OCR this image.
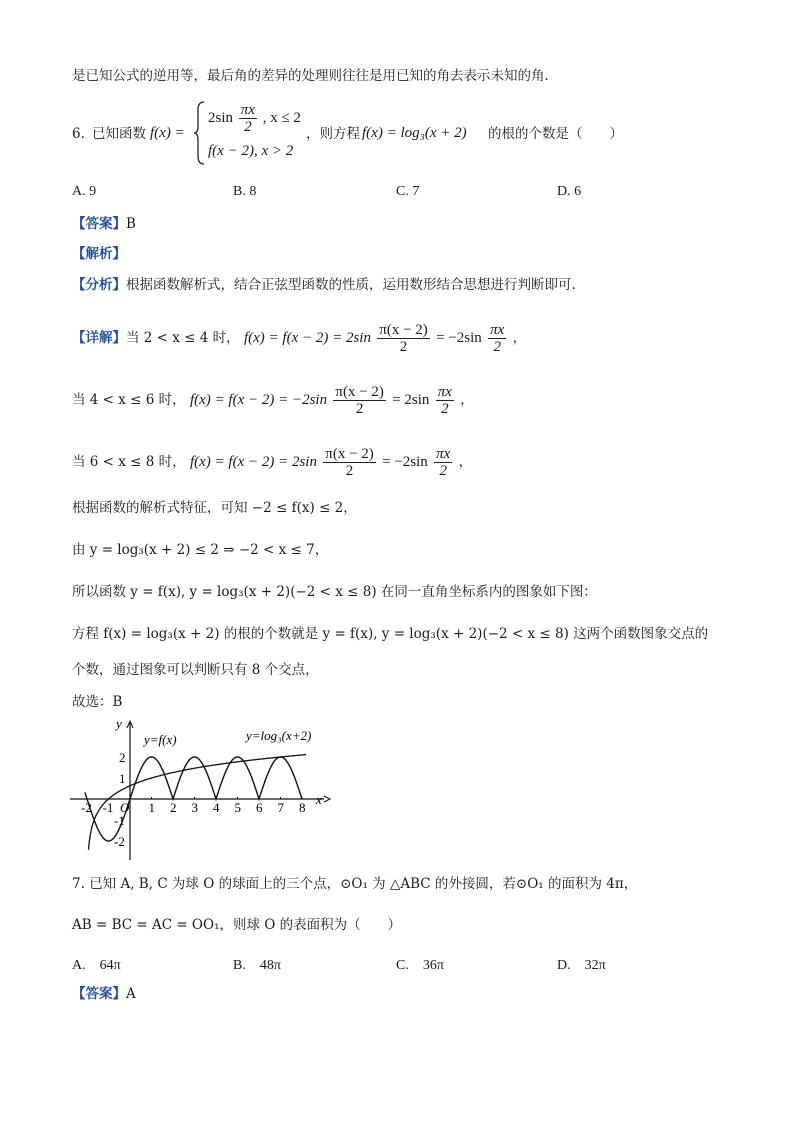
是已知公式的逆用等，最后角的差异的处理则往往是用已知的角去表示未知的角.
6. 已知函数 f(x) =
$2\sin \frac{\pi x}{2}$ , x ≤ 2
f(x − 2), x > 2
，则方程 f(x) = log₃(x + 2) 的根的个数是（　　）
A. 9	B. 8	C. 7	D. 6
【答案】B
【解析】
【分析】根据函数解析式，结合正弦型函数的性质，运用数形结合思想进行判断即可.
【详解】当 2 < x ≤ 4 时， $f(x) = f(x - 2) = 2\sin \frac{\pi(x - 2)}{2} = -2\sin \frac{\pi x}{2}$ ，
当 4 < x ≤ 6 时， $f(x) = f(x - 2) = -2\sin \frac{\pi(x - 2)}{2} = 2\sin \frac{\pi x}{2}$ ，
当 6 < x ≤ 8 时， $f(x) = f(x - 2) = 2\sin \frac{\pi(x - 2)}{2} = -2\sin \frac{\pi x}{2}$ ，
根据函数的解析式特征，可知 −2 ≤ f(x) ≤ 2，
由 y = log₃(x + 2) ≤ 2 ⇒ −2 < x ≤ 7，
所以函数 y = f(x), y = log₃(x + 2)(−2 < x ≤ 8) 在同一直角坐标系内的图象如下图：
方程 f(x) = log₃(x + 2) 的根的个数就是 y = f(x), y = log₃(x + 2)(−2 < x ≤ 8) 这两个函数图象交点的
个数，通过图象可以判断只有 8 个交点，
故选：B
-2 -1 O 1 2 3 4 5 6 7 8
2
1
-1
-2
x
y
y=f(x)	y=log₃(x+2)
7. 已知 A, B, C 为球 O 的球面上的三个点，⊙O₁ 为 △ABC 的外接圆，若⊙O₁ 的面积为 4π，
AB = BC = AC = OO₁，则球 O 的表面积为（　　）
A.　64π	B.　48π	C.　36π	D.　32π
【答案】A
